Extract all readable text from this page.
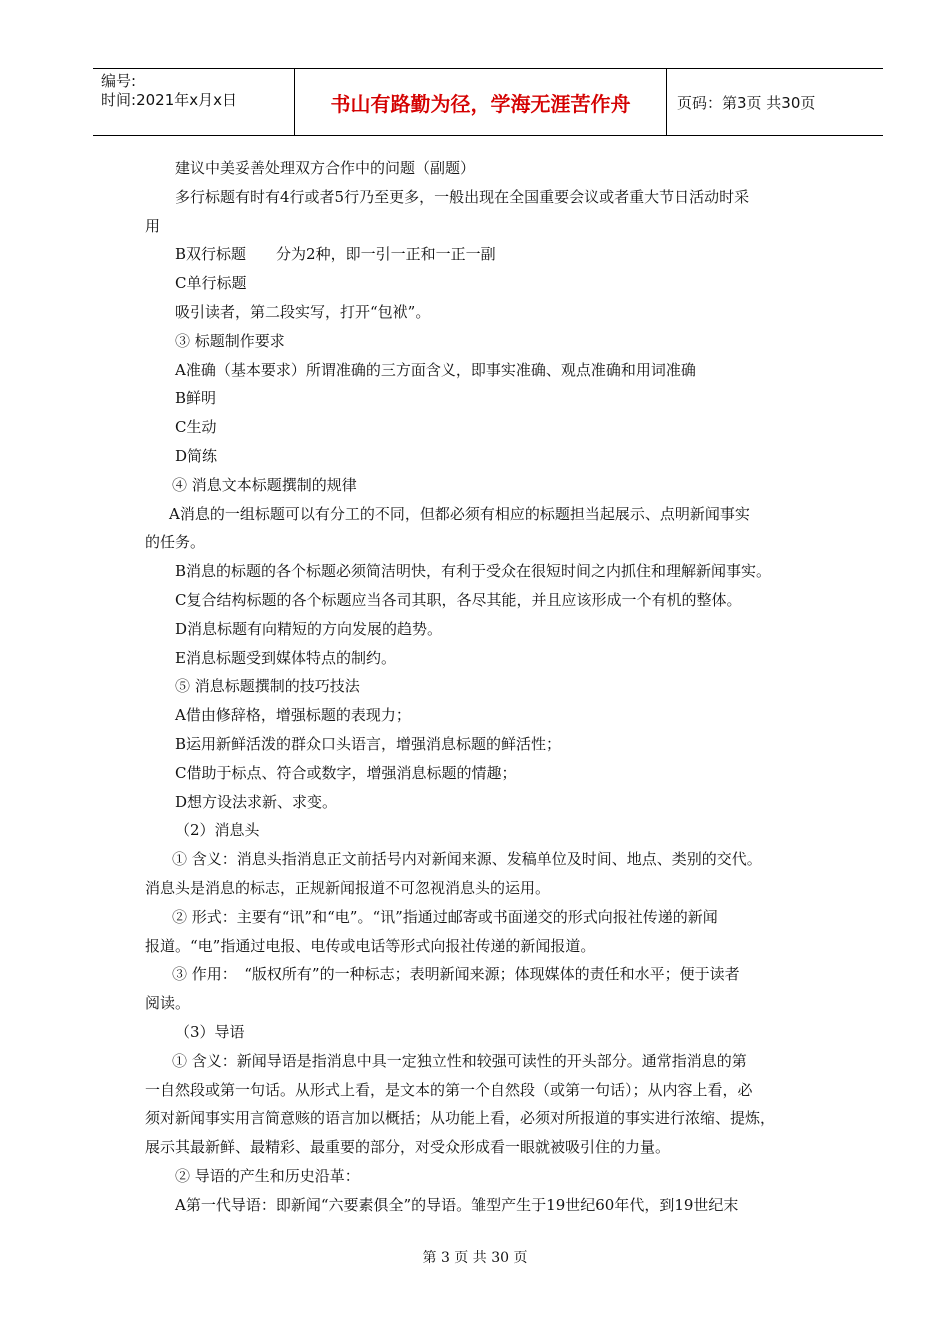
编号:
时间: 2021年x月x日	书山有路勤为径，学海无涯苦作舟	页码：第3页 共30页

建议中美妥善处理双方合作中的问题（副题）

多行标题有时有4行或者5行乃至更多，一般出现在全国重要会议或者重大节日活动时采

用

B双行标题　　分为2种，即一引一正和一正一副

C单行标题

吸引读者，第二段实写，打开“包袱”。

③ 标题制作要求

A准确（基本要求）所谓准确的三方面含义，即事实准确、观点准确和用词准确

B鲜明

C生动

D简练

④ 消息文本标题撰制的规律

A消息的一组标题可以有分工的不同，但都必须有相应的标题担当起展示、点明新闻事实

的任务。

B消息的标题的各个标题必须简洁明快，有利于受众在很短时间之内抓住和理解新闻事实。

C复合结构标题的各个标题应当各司其职，各尽其能，并且应该形成一个有机的整体。

D消息标题有向精短的方向发展的趋势。

E消息标题受到媒体特点的制约。

⑤ 消息标题撰制的技巧技法

A借由修辞格，增强标题的表现力；

B运用新鲜活泼的群众口头语言，增强消息标题的鲜活性；

C借助于标点、符合或数字，增强消息标题的情趣；

D想方设法求新、求变。

（2）消息头

① 含义：消息头指消息正文前括号内对新闻来源、发稿单位及时间、地点、类别的交代。

消息头是消息的标志，正规新闻报道不可忽视消息头的运用。

② 形式：主要有“讯”和“电”。“讯”指通过邮寄或书面递交的形式向报社传递的新闻

报道。“电”指通过电报、电传或电话等形式向报社传递的新闻报道。

③ 作用：　“版权所有”的一种标志；表明新闻来源；体现媒体的责任和水平；便于读者

阅读。

（3）导语

① 含义：新闻导语是指消息中具一定独立性和较强可读性的开头部分。通常指消息的第

一自然段或第一句话。从形式上看，是文本的第一个自然段（或第一句话）；从内容上看，必

须对新闻事实用言简意赅的语言加以概括；从功能上看，必须对所报道的事实进行浓缩、提炼，

展示其最新鲜、最精彩、最重要的部分，对受众形成看一眼就被吸引住的力量。

② 导语的产生和历史沿革：

A第一代导语：即新闻“六要素俱全”的导语。雏型产生于19世纪60年代，到19世纪末

第 3 页 共 30 页
